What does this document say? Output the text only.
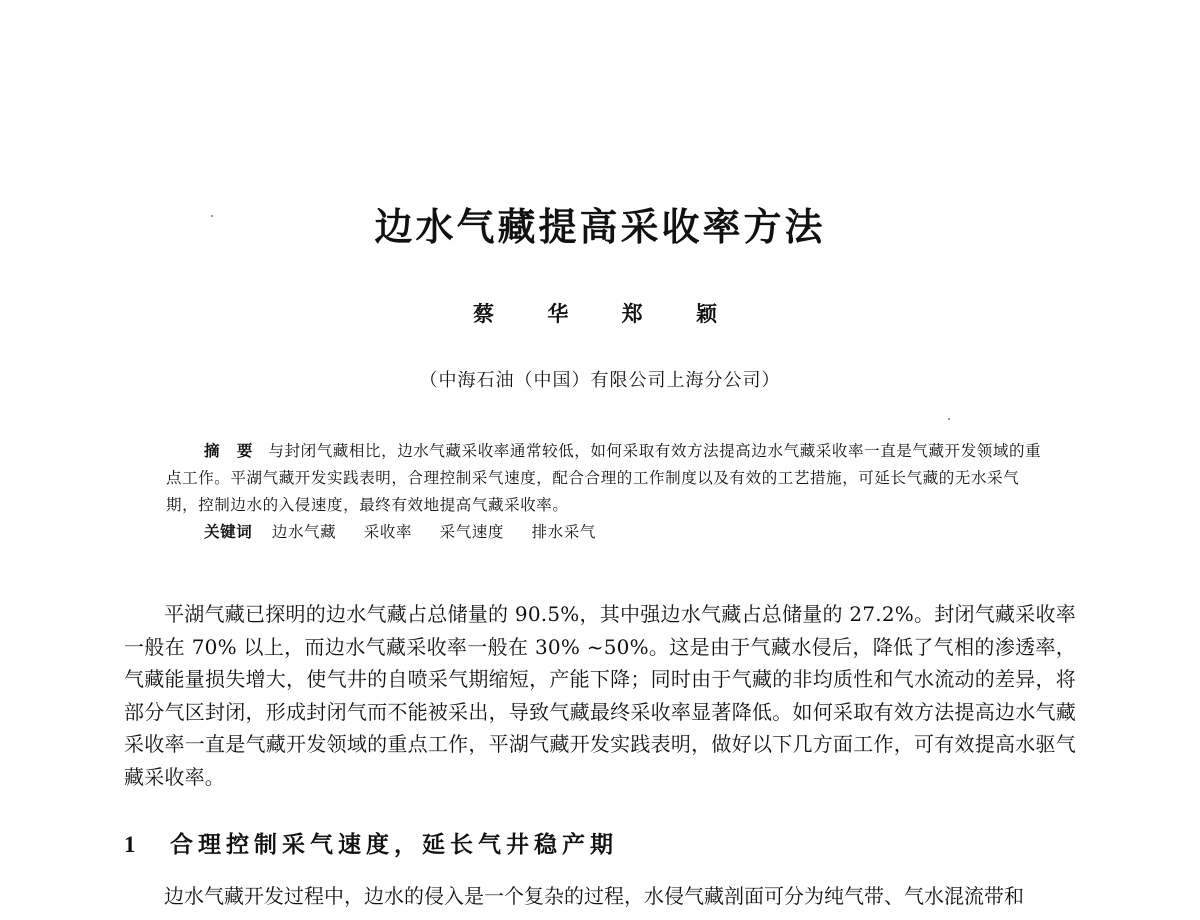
边水气藏提高采收率方法
蔡 华 郑 颖
（中海石油（中国）有限公司上海分公司）
摘 要 与封闭气藏相比，边水气藏采收率通常较低，如何采取有效方法提高边水气藏采收率一直是气藏开发领域的重点工作。平湖气藏开发实践表明，合理控制采气速度，配合合理的工作制度以及有效的工艺措施，可延长气藏的无水采气期，控制边水的入侵速度，最终有效地提高气藏采收率。
关键词 边水气藏 采收率 采气速度 排水采气

平湖气藏已探明的边水气藏占总储量的 90.5%，其中强边水气藏占总储量的 27.2%。封闭气藏采收率一般在 70% 以上，而边水气藏采收率一般在 30% ~50%。这是由于气藏水侵后，降低了气相的渗透率，气藏能量损失增大，使气井的自喷采气期缩短，产能下降；同时由于气藏的非均质性和气水流动的差异，将部分气区封闭，形成封闭气而不能被采出，导致气藏最终采收率显著降低。如何采取有效方法提高边水气藏采收率一直是气藏开发领域的重点工作，平湖气藏开发实践表明，做好以下几方面工作，可有效提高水驱气藏采收率。

1 合理控制采气速度，延长气井稳产期
边水气藏开发过程中，边水的侵入是一个复杂的过程，水侵气藏剖面可分为纯气带、气水混流带和
